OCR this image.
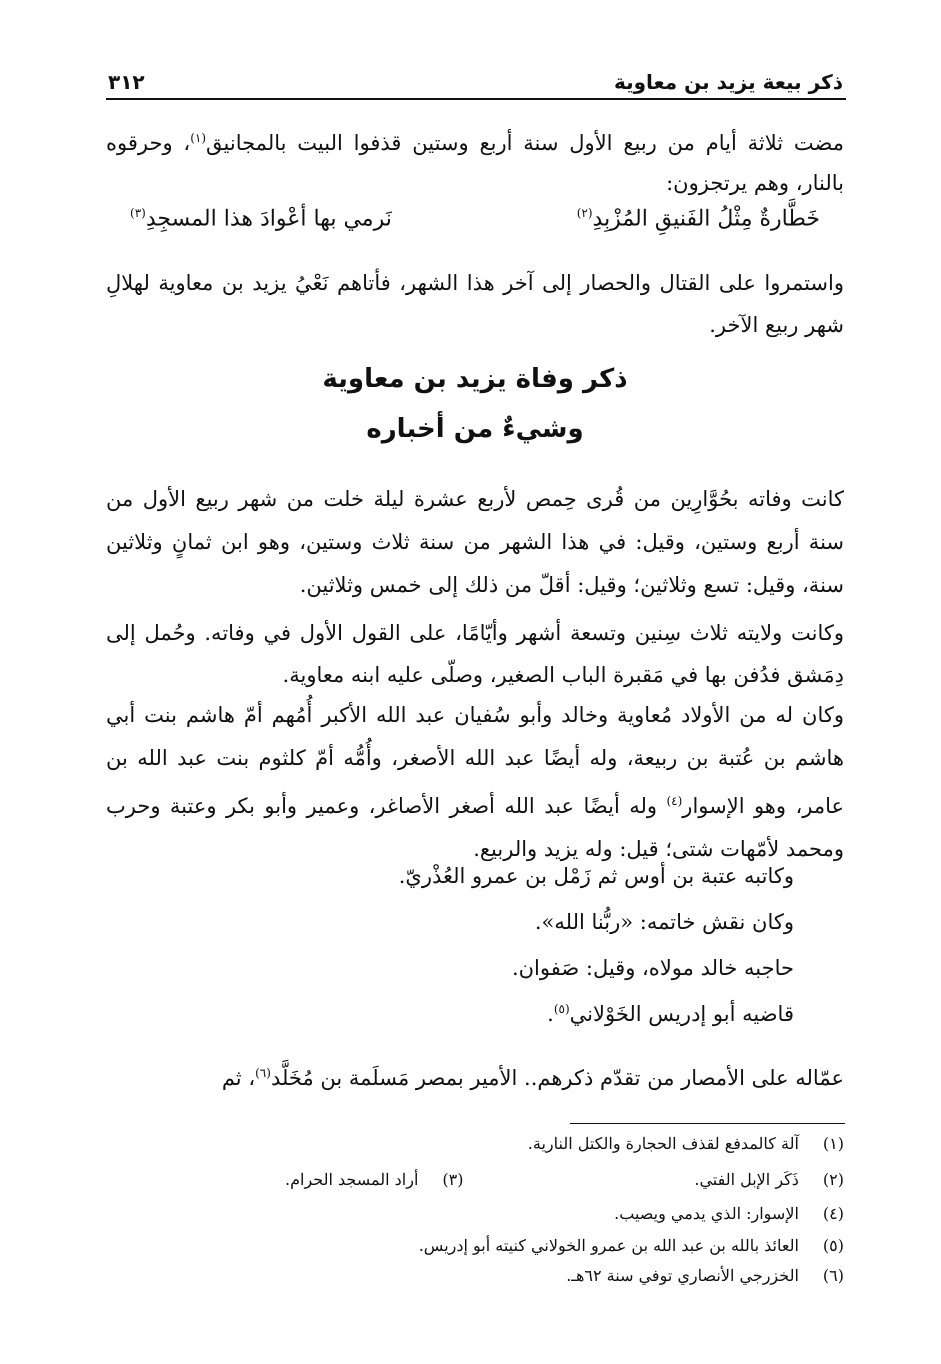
ذكر بيعة يزيد بن معاوية
٣١٢
مضت ثلاثة أيام من ربيع الأول سنة أربع وستين قذفوا البيت بالمجانيق$^{(١)}$، وحرقوه بالنار، وهم يرتجزون:
خَطَّارةٌ مِثْلُ الفَنيقِ المُزْبِدِ$^{(٢)}$
نَرمي بها أعْوادَ هذا المسجِدِ$^{(٣)}$
واستمروا على القتال والحصار إلى آخر هذا الشهر، فأتاهم نَعْيُ يزيد بن معاوية لهلالِ شهر ربيع الآخر.
ذكر وفاة يزيد بن معاوية
وشيءٌ من أخباره
كانت وفاته بحُوَّارِين من قُرى حِمص لأربع عشرة ليلة خلت من شهر ربيع الأول من سنة أربع وستين، وقيل: في هذا الشهر من سنة ثلاث وستين، وهو ابن ثمانٍ وثلاثين سنة، وقيل: تسع وثلاثين؛ وقيل: أقلّ من ذلك إلى خمس وثلاثين.
وكانت ولايته ثلاث سِنين وتسعة أشهر وأيّامًا، على القول الأول في وفاته. وحُمل إلى دِمَشق فدُفن بها في مَقبرة الباب الصغير، وصلّى عليه ابنه معاوية.
وكان له من الأولاد مُعاوية وخالد وأبو سُفيان عبد الله الأكبر أُمُهم أمّ هاشم بنت أبي هاشم بن عُتبة بن ربيعة، وله أيضًا عبد الله الأصغر، وأُمُّه أمّ كلثوم بنت عبد الله بن عامر، وهو الإسوار$^{(٤)}$ وله أيضًا عبد الله أصغر الأصاغر، وعمير وأبو بكر وعتبة وحرب ومحمد لأمّهات شتى؛ قيل: وله يزيد والربيع.
وكاتبه عتبة بن أوس ثم زَمْل بن عمرو العُذْريّ.
وكان نقش خاتمه: «ربُّنا الله».
حاجبه خالد مولاه، وقيل: صَفوان.
قاضيه أبو إدريس الخَوْلاني$^{(٥)}$.
عمّاله على الأمصار من تقدّم ذكرهم.. الأمير بمصر مَسلَمة بن مُخَلَّد$^{(٦)}$، ثم
(١) آلة كالمدفع لقذف الحجارة والكتل النارية.
(٢) ذَكَر الإبل الفتي.
(٣) أراد المسجد الحرام.
(٤) الإسوار: الذي يدمي ويصيب.
(٥) العائذ بالله بن عبد الله بن عمرو الخولاني كنيته أبو إدريس.
(٦) الخزرجي الأنصاري توفي سنة ٦٢هـ.
